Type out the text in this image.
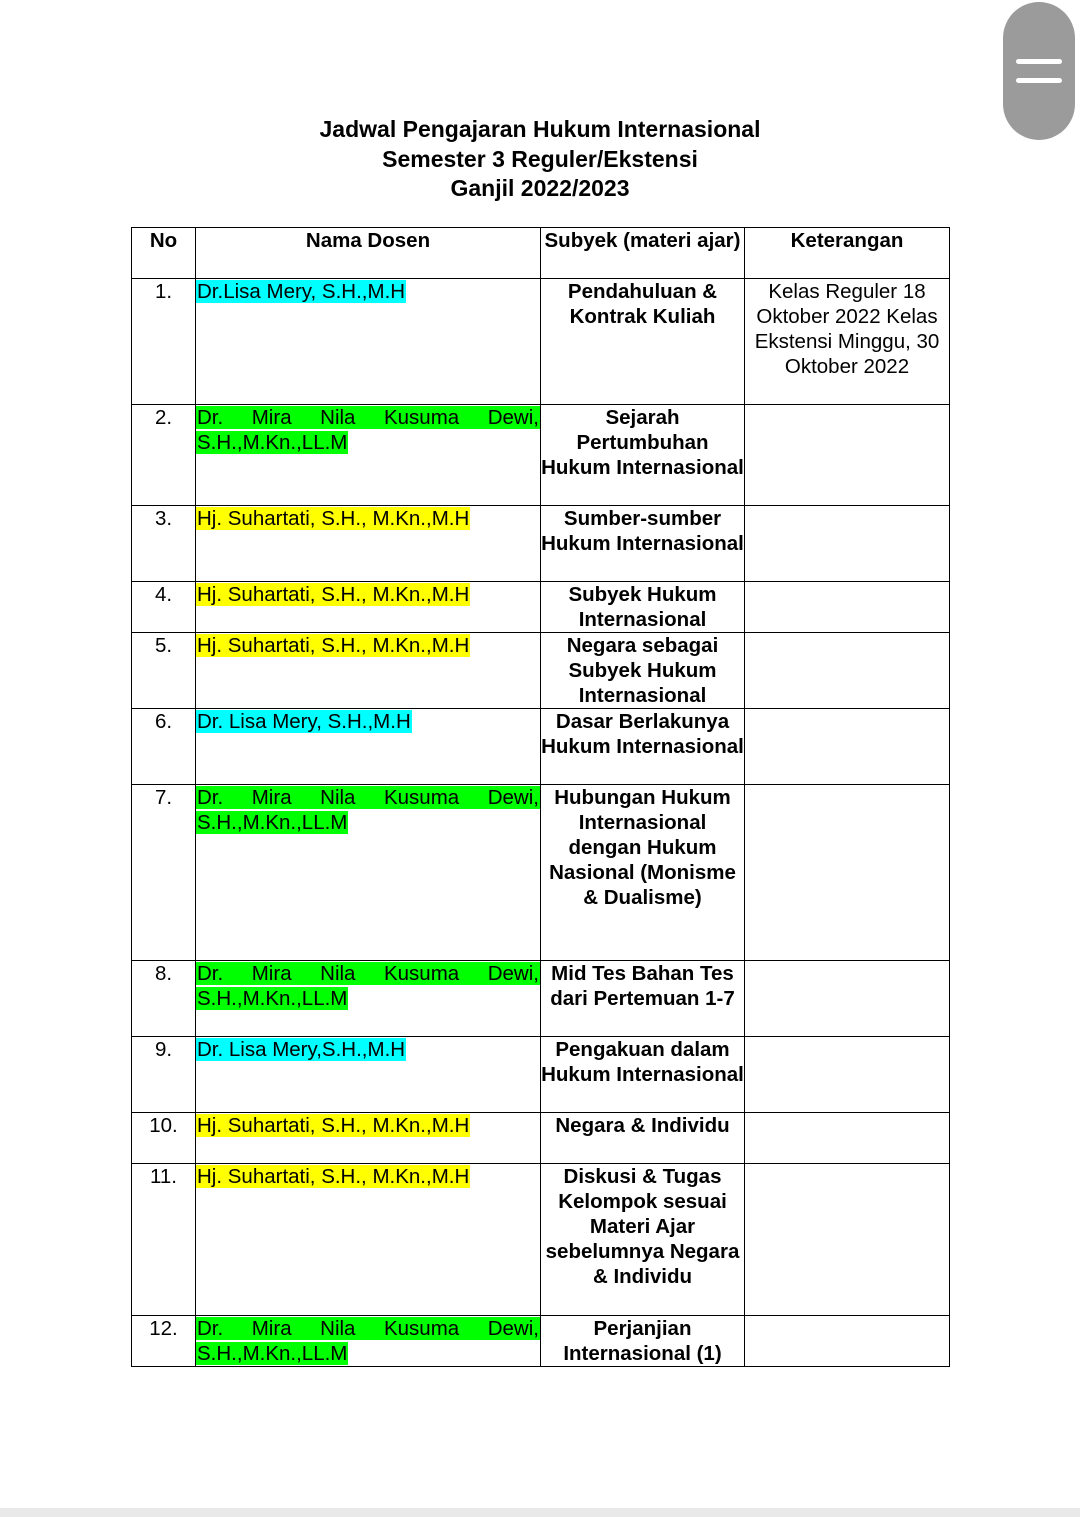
Jadwal Pengajaran Hukum Internasional
Semester 3 Reguler/Ekstensi
Ganjil 2022/2023
No	Nama Dosen	Subyek (materi ajar)	Keterangan
1.	Dr.Lisa Mery, S.H.,M.H	Pendahuluan & Kontrak Kuliah	Kelas Reguler 18 Oktober 2022 Kelas Ekstensi Minggu, 30 Oktober 2022
2.	Dr. Mira Nila Kusuma Dewi, S.H.,M.Kn.,LL.M	Sejarah Pertumbuhan Hukum Internasional	
3.	Hj. Suhartati, S.H., M.Kn.,M.H	Sumber-sumber Hukum Internasional	
4.	Hj. Suhartati, S.H., M.Kn.,M.H	Subyek Hukum Internasional	
5.	Hj. Suhartati, S.H., M.Kn.,M.H	Negara sebagai Subyek Hukum Internasional	
6.	Dr. Lisa Mery, S.H.,M.H	Dasar Berlakunya Hukum Internasional	
7.	Dr. Mira Nila Kusuma Dewi, S.H.,M.Kn.,LL.M	Hubungan Hukum Internasional dengan Hukum Nasional (Monisme & Dualisme)	
8.	Dr. Mira Nila Kusuma Dewi, S.H.,M.Kn.,LL.M	Mid Tes Bahan Tes dari Pertemuan 1-7	
9.	Dr. Lisa Mery,S.H.,M.H	Pengakuan dalam Hukum Internasional	
10.	Hj. Suhartati, S.H., M.Kn.,M.H	Negara & Individu	
11.	Hj. Suhartati, S.H., M.Kn.,M.H	Diskusi & Tugas Kelompok sesuai Materi Ajar sebelumnya Negara & Individu	
12.	Dr. Mira Nila Kusuma Dewi, S.H.,M.Kn.,LL.M	Perjanjian Internasional (1)	
